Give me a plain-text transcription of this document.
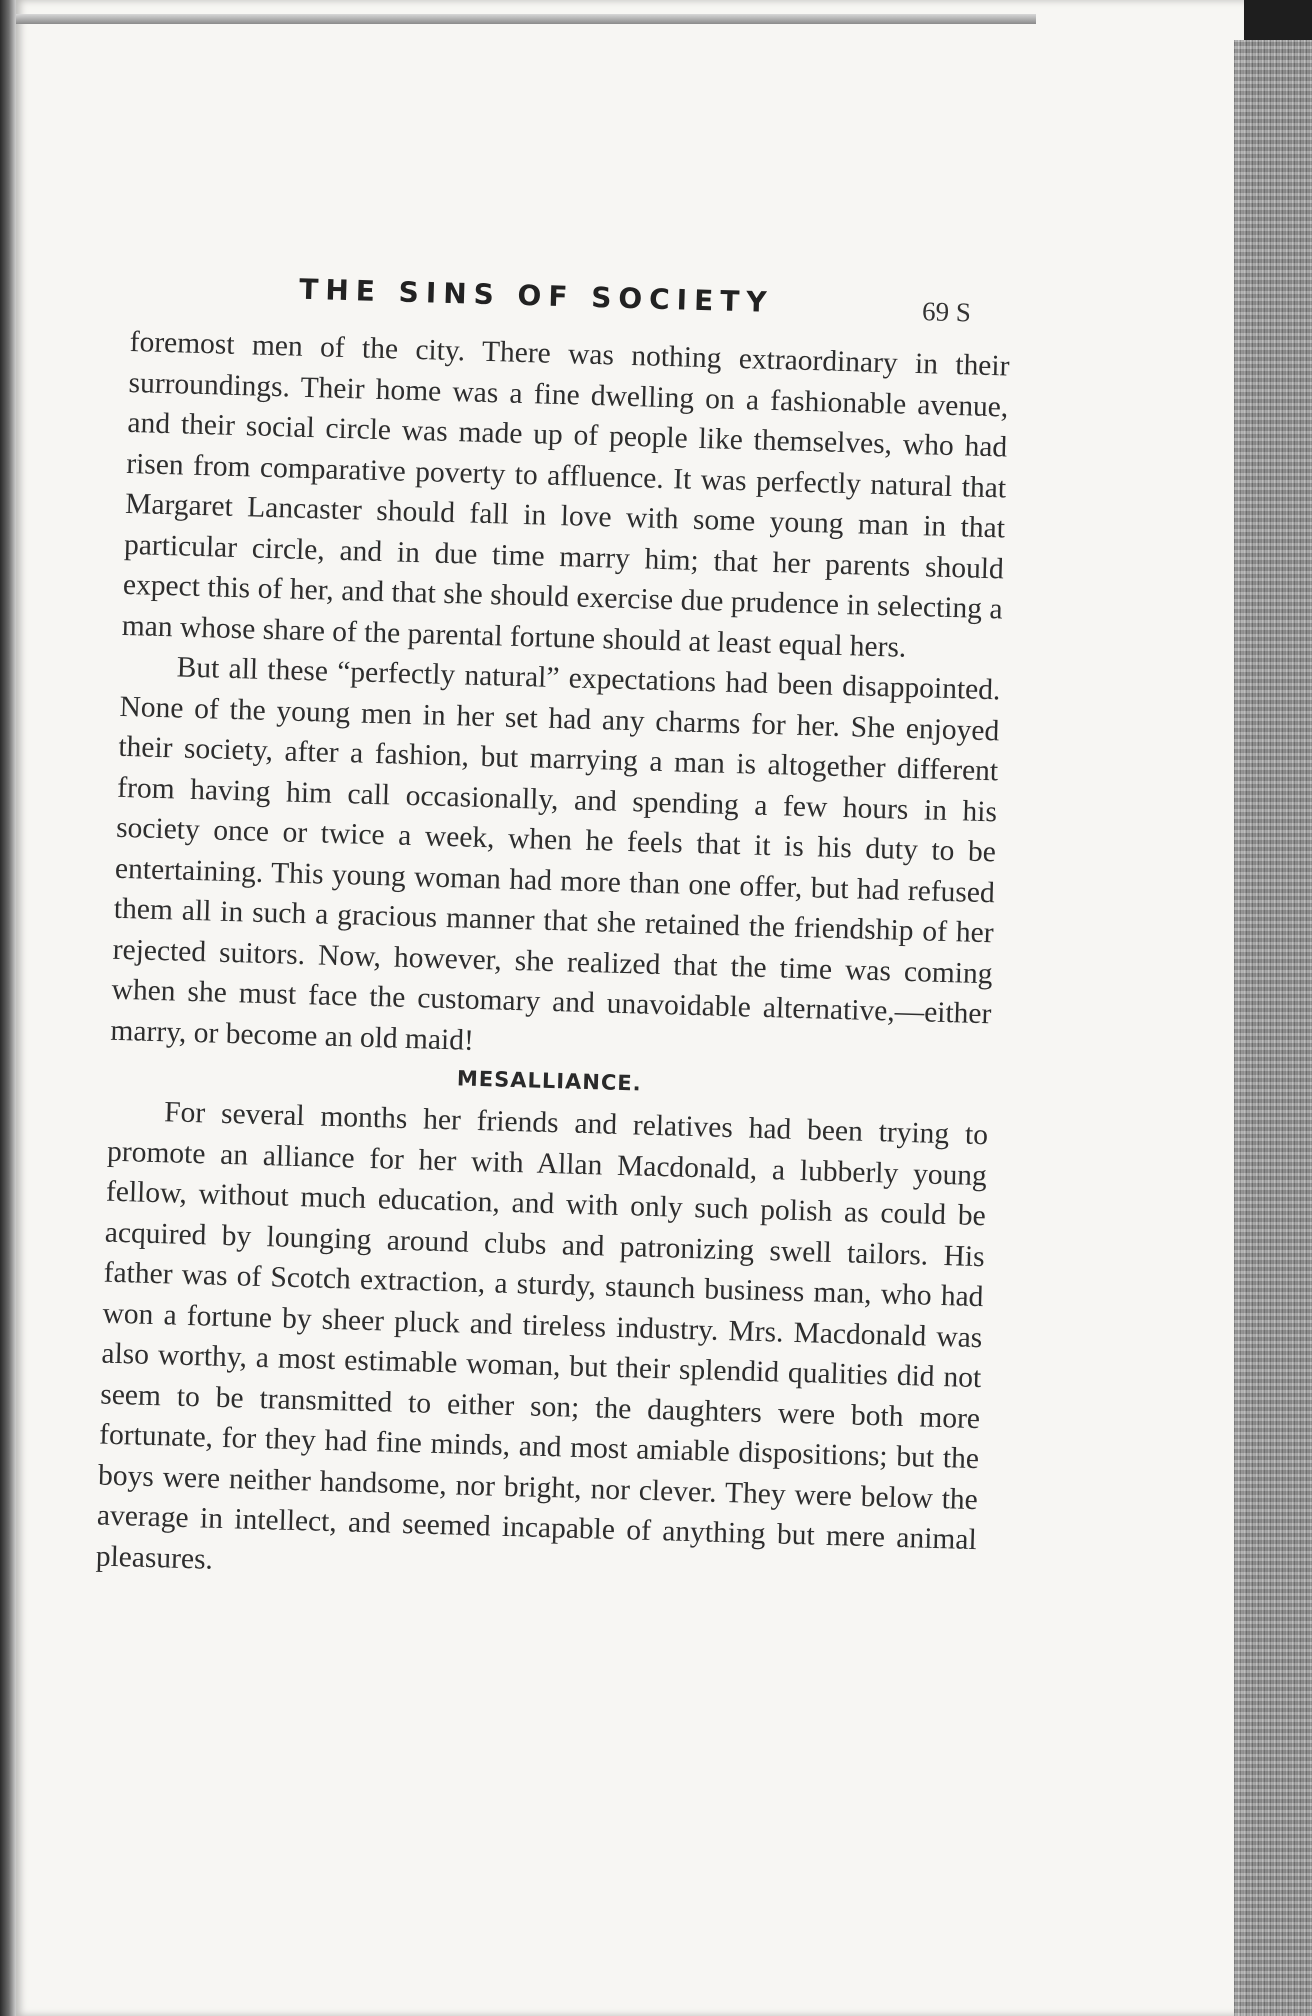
THE SINS OF SOCIETY	69 S

foremost men of the city. There was nothing extraordinary in their surroundings. Their home was a fine dwelling on a fashionable avenue, and their social circle was made up of people like themselves, who had risen from comparative poverty to affluence. It was perfectly natural that Margaret Lancaster should fall in love with some young man in that particular circle, and in due time marry him; that her parents should expect this of her, and that she should exercise due prudence in selecting a man whose share of the parental fortune should at least equal hers.

But all these “perfectly natural” expectations had been disappointed. None of the young men in her set had any charms for her. She enjoyed their society, after a fashion, but marrying a man is altogether different from having him call occasionally, and spending a few hours in his society once or twice a week, when he feels that it is his duty to be entertaining. This young woman had more than one offer, but had refused them all in such a gracious manner that she retained the friendship of her rejected suitors. Now, however, she realized that the time was coming when she must face the customary and unavoidable alternative,—either marry, or become an old maid!

MESALLIANCE.

For several months her friends and relatives had been trying to promote an alliance for her with Allan Macdonald, a lubberly young fellow, without much education, and with only such polish as could be acquired by lounging around clubs and patronizing swell tailors. His father was of Scotch extraction, a sturdy, staunch business man, who had won a fortune by sheer pluck and tireless industry. Mrs. Macdonald was also worthy, a most estimable woman, but their splendid qualities did not seem to be transmitted to either son; the daughters were both more fortunate, for they had fine minds, and most amiable dispositions; but the boys were neither handsome, nor bright, nor clever. They were below the average in intellect, and seemed incapable of anything but mere animal pleasures.
